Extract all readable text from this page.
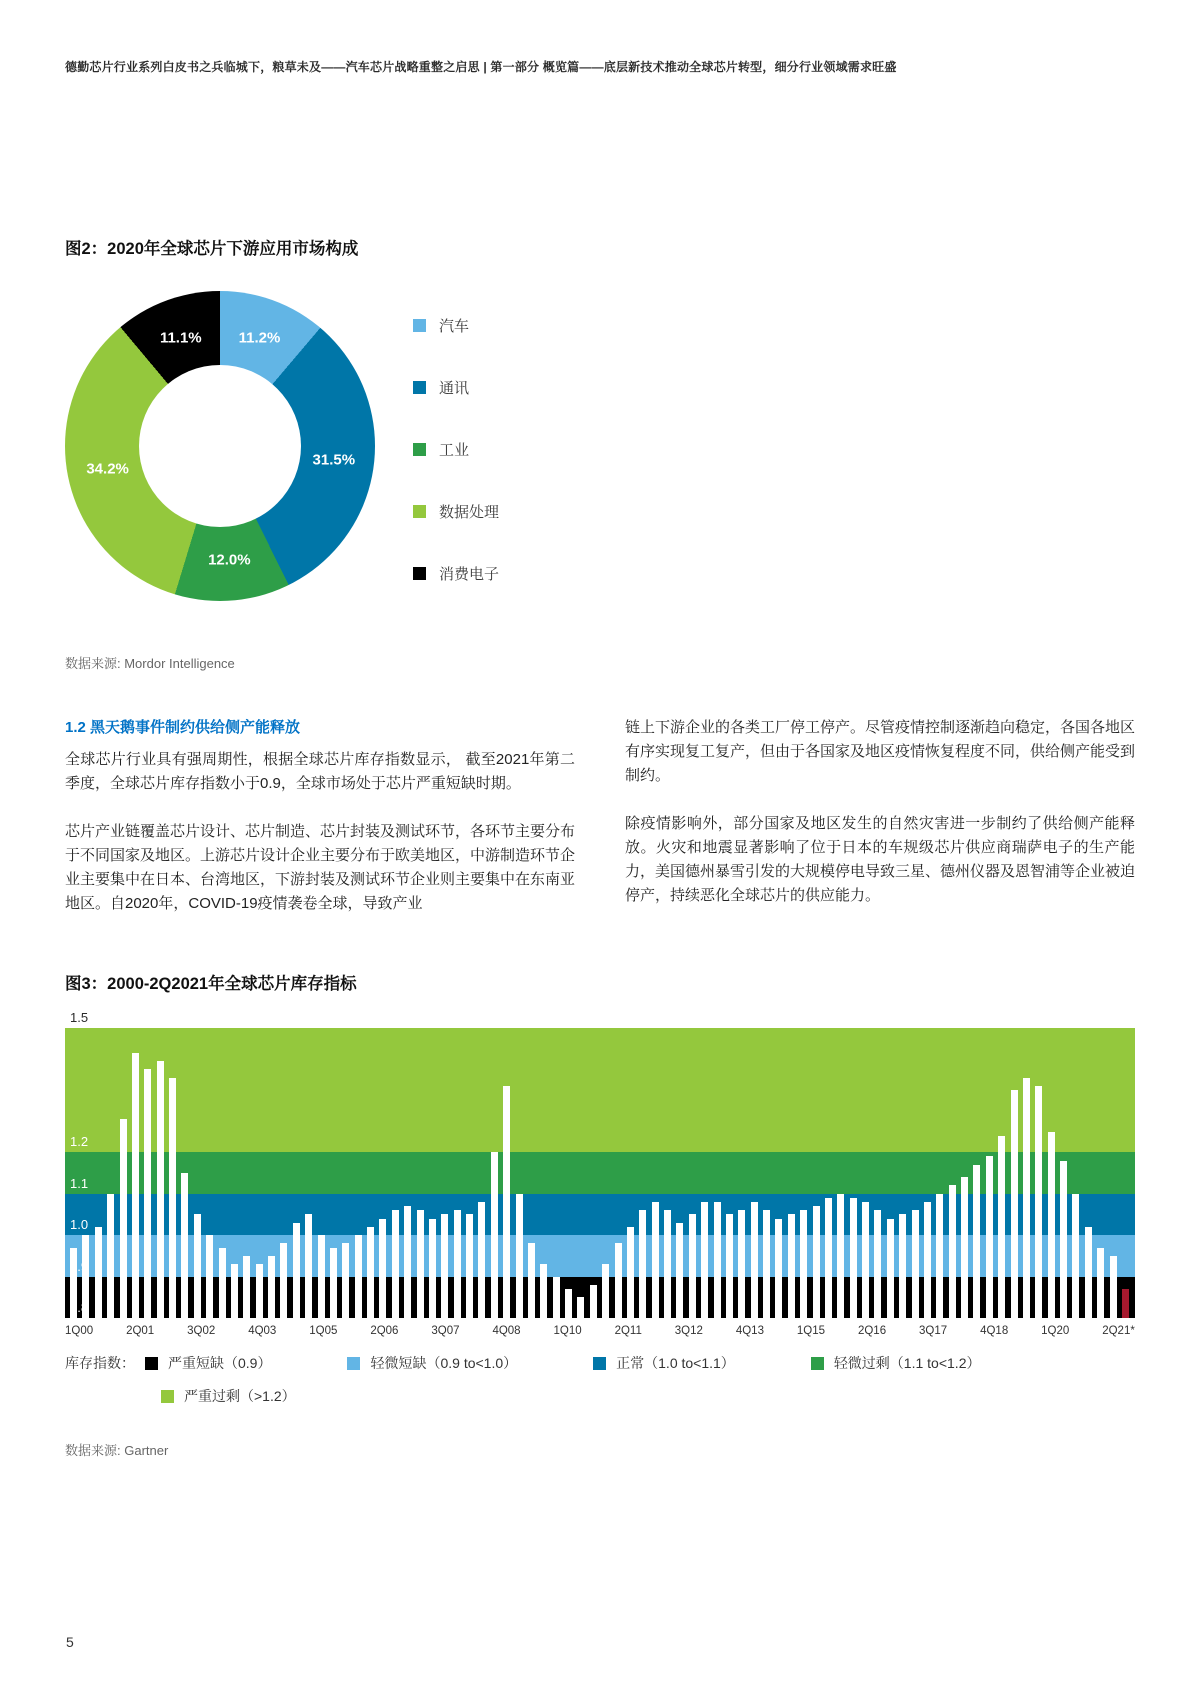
德勤芯片行业系列白皮书之兵临城下，粮草未及——汽车芯片战略重整之启思 | 第一部分 概览篇——底层新技术推动全球芯片转型，细分行业领域需求旺盛
图2：2020年全球芯片下游应用市场构成
11.2%
31.5%
12.0%
34.2%
11.1%
汽车
通讯
工业
数据处理
消费电子

数据来源: Mordor Intelligence

1.2 黑天鹅事件制约供给侧产能释放

全球芯片行业具有强周期性，根据全球芯片库存指数显示， 截至2021年第二季度，全球芯片库存指数小于0.9，全球市场处于芯片严重短缺时期。

芯片产业链覆盖芯片设计、芯片制造、芯片封装及测试环节，各环节主要分布于不同国家及地区。上游芯片设计企业主要分布于欧美地区，中游制造环节企业主要集中在日本、台湾地区，下游封装及测试环节企业则主要集中在东南亚地区。自2020年，COVID-19疫情袭卷全球，导致产业

链上下游企业的各类工厂停工停产。尽管疫情控制逐渐趋向稳定，各国各地区有序实现复工复产，但由于各国家及地区疫情恢复程度不同，供给侧产能受到制约。

除疫情影响外，部分国家及地区发生的自然灾害进一步制约了供给侧产能释放。火灾和地震显著影响了位于日本的车规级芯片供应商瑞萨电子的生产能力，美国德州暴雪引发的大规模停电导致三星、德州仪器及恩智浦等企业被迫停产，持续恶化全球芯片的供应能力。

图3：2000-2Q2021年全球芯片库存指标
1.5
1.2
1.1
1.0
0.9
0.8
1Q00	2Q01	3Q02	4Q03	1Q05	2Q06	3Q07	4Q08	1Q10	2Q11	3Q12	4Q13	1Q15	2Q16	3Q17	4Q18	1Q20	2Q21*
库存指数： 严重短缺（0.9）	轻微短缺（0.9 to<1.0）	正常（1.0 to<1.1）	轻微过剩（1.1 to<1.2）
严重过剩（>1.2）

数据来源: Gartner

5
